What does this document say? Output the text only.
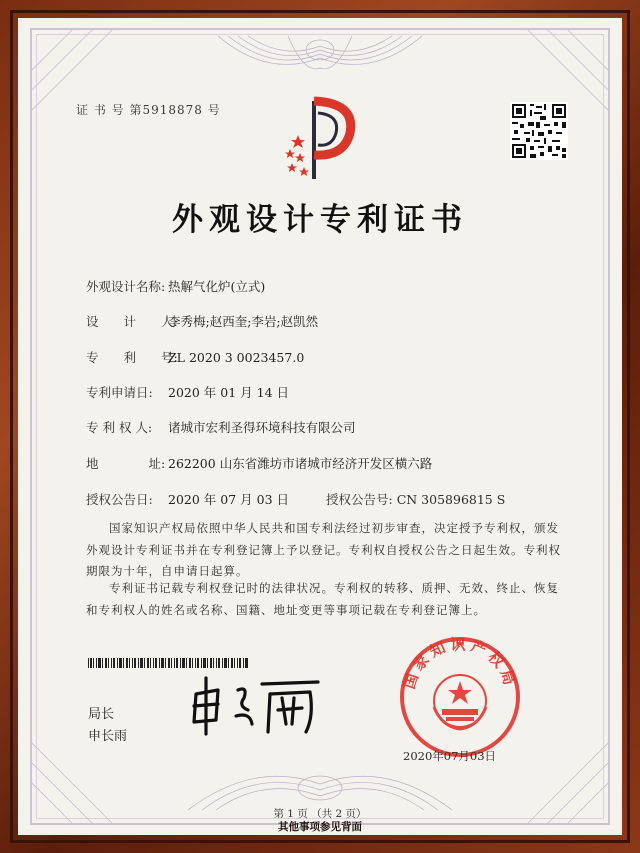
证 书 号 第5918878 号
外观设计专利证书
外观设计名称: 热解气化炉(立式)
设　　计　　人:李秀梅;赵西奎;李岩;赵凯然
专　　利　　号:ZL 2020 3 0023457.0
专利申请日: 2020 年 01 月 14 日
专 利 权 人: 诸城市宏利圣得环境科技有限公司
地　　　　址: 262200 山东省潍坊市诸城市经济开发区横六路
授权公告日: 2020 年 07 月 03 日	授权公告号: CN 305896815 S
国家知识产权局依照中华人民共和国专利法经过初步审查，决定授予专利权，颁发外观设计专利证书并在专利登记簿上予以登记。专利权自授权公告之日起生效。专利权期限为十年，自申请日起算。
专利证书记载专利权登记时的法律状况。专利权的转移、质押、无效、终止、恢复和专利权人的姓名或名称、国籍、地址变更等事项记载在专利登记簿上。
局长
申长雨
国家知识产权局
2020年07月03日
第 1 页 （共 2 页）
其他事项参见背面
